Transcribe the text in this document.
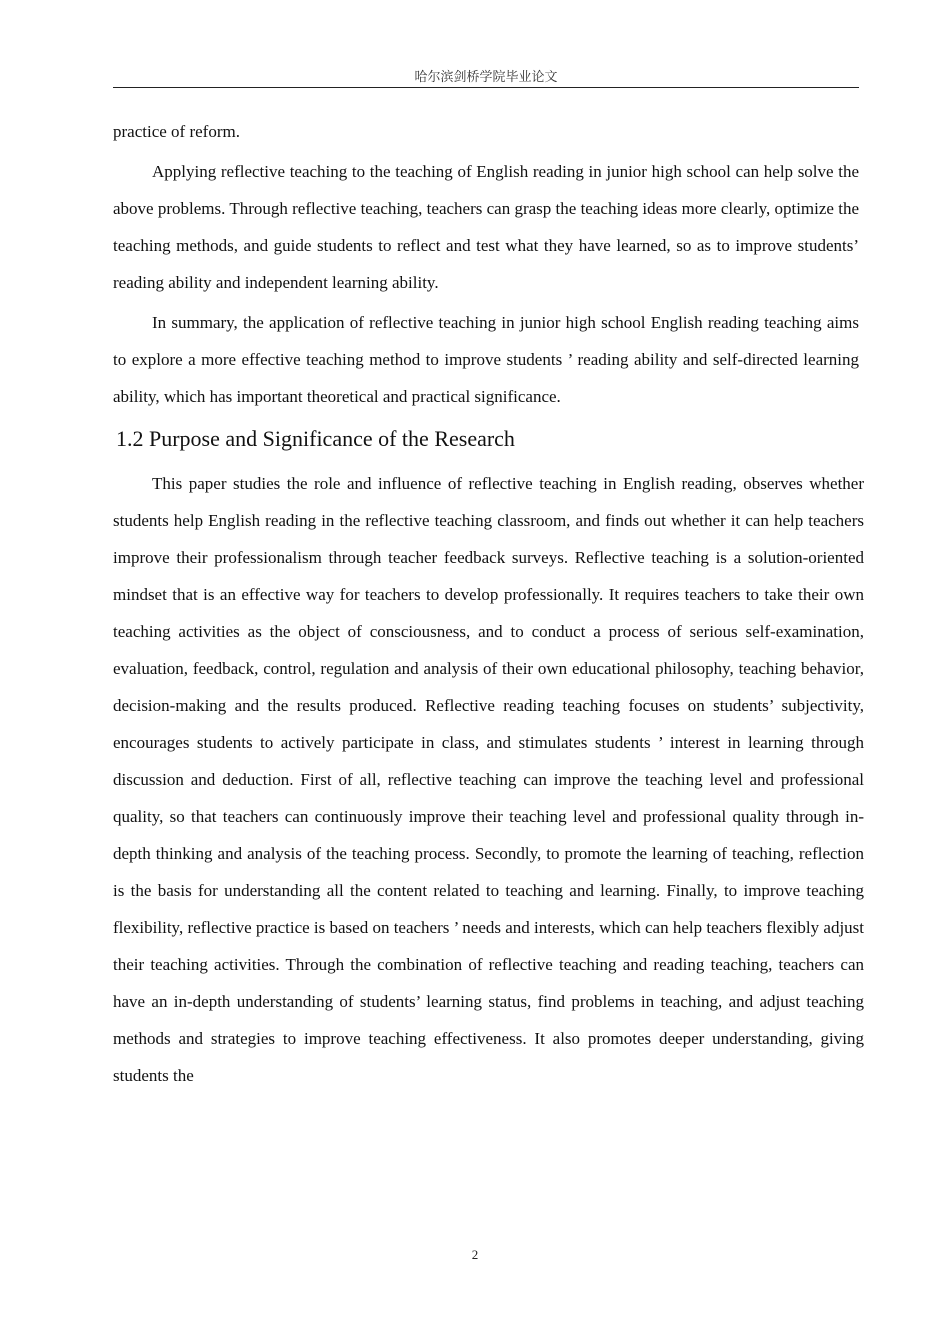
哈尔滨剑桥学院毕业论文

practice of reform.

Applying reflective teaching to the teaching of English reading in junior high school can help solve the above problems. Through reflective teaching, teachers can grasp the teaching ideas more clearly, optimize the teaching methods, and guide students to reflect and test what they have learned, so as to improve students’ reading ability and independent learning ability.

In summary, the application of reflective teaching in junior high school English reading teaching aims to explore a more effective teaching method to improve students ’ reading ability and self-directed learning ability, which has important theoretical and practical significance.

1.2 Purpose and Significance of the Research

This paper studies the role and influence of reflective teaching in English reading, observes whether students help English reading in the reflective teaching classroom, and finds out whether it can help teachers improve their professionalism through teacher feedback surveys. Reflective teaching is a solution-oriented mindset that is an effective way for teachers to develop professionally. It requires teachers to take their own teaching activities as the object of consciousness, and to conduct a process of serious self-examination, evaluation, feedback, control, regulation and analysis of their own educational philosophy, teaching behavior, decision-making and the results produced. Reflective reading teaching focuses on students’ subjectivity, encourages students to actively participate in class, and stimulates students ’ interest in learning through discussion and deduction. First of all, reflective teaching can improve the teaching level and professional quality, so that teachers can continuously improve their teaching level and professional quality through in-depth thinking and analysis of the teaching process. Secondly, to promote the learning of teaching, reflection is the basis for understanding all the content related to teaching and learning. Finally, to improve teaching flexibility, reflective practice is based on teachers ’ needs and interests, which can help teachers flexibly adjust their teaching activities. Through the combination of reflective teaching and reading teaching, teachers can have an in-depth understanding of students’ learning status, find problems in teaching, and adjust teaching methods and strategies to improve teaching effectiveness. It also promotes deeper understanding, giving students the

2
